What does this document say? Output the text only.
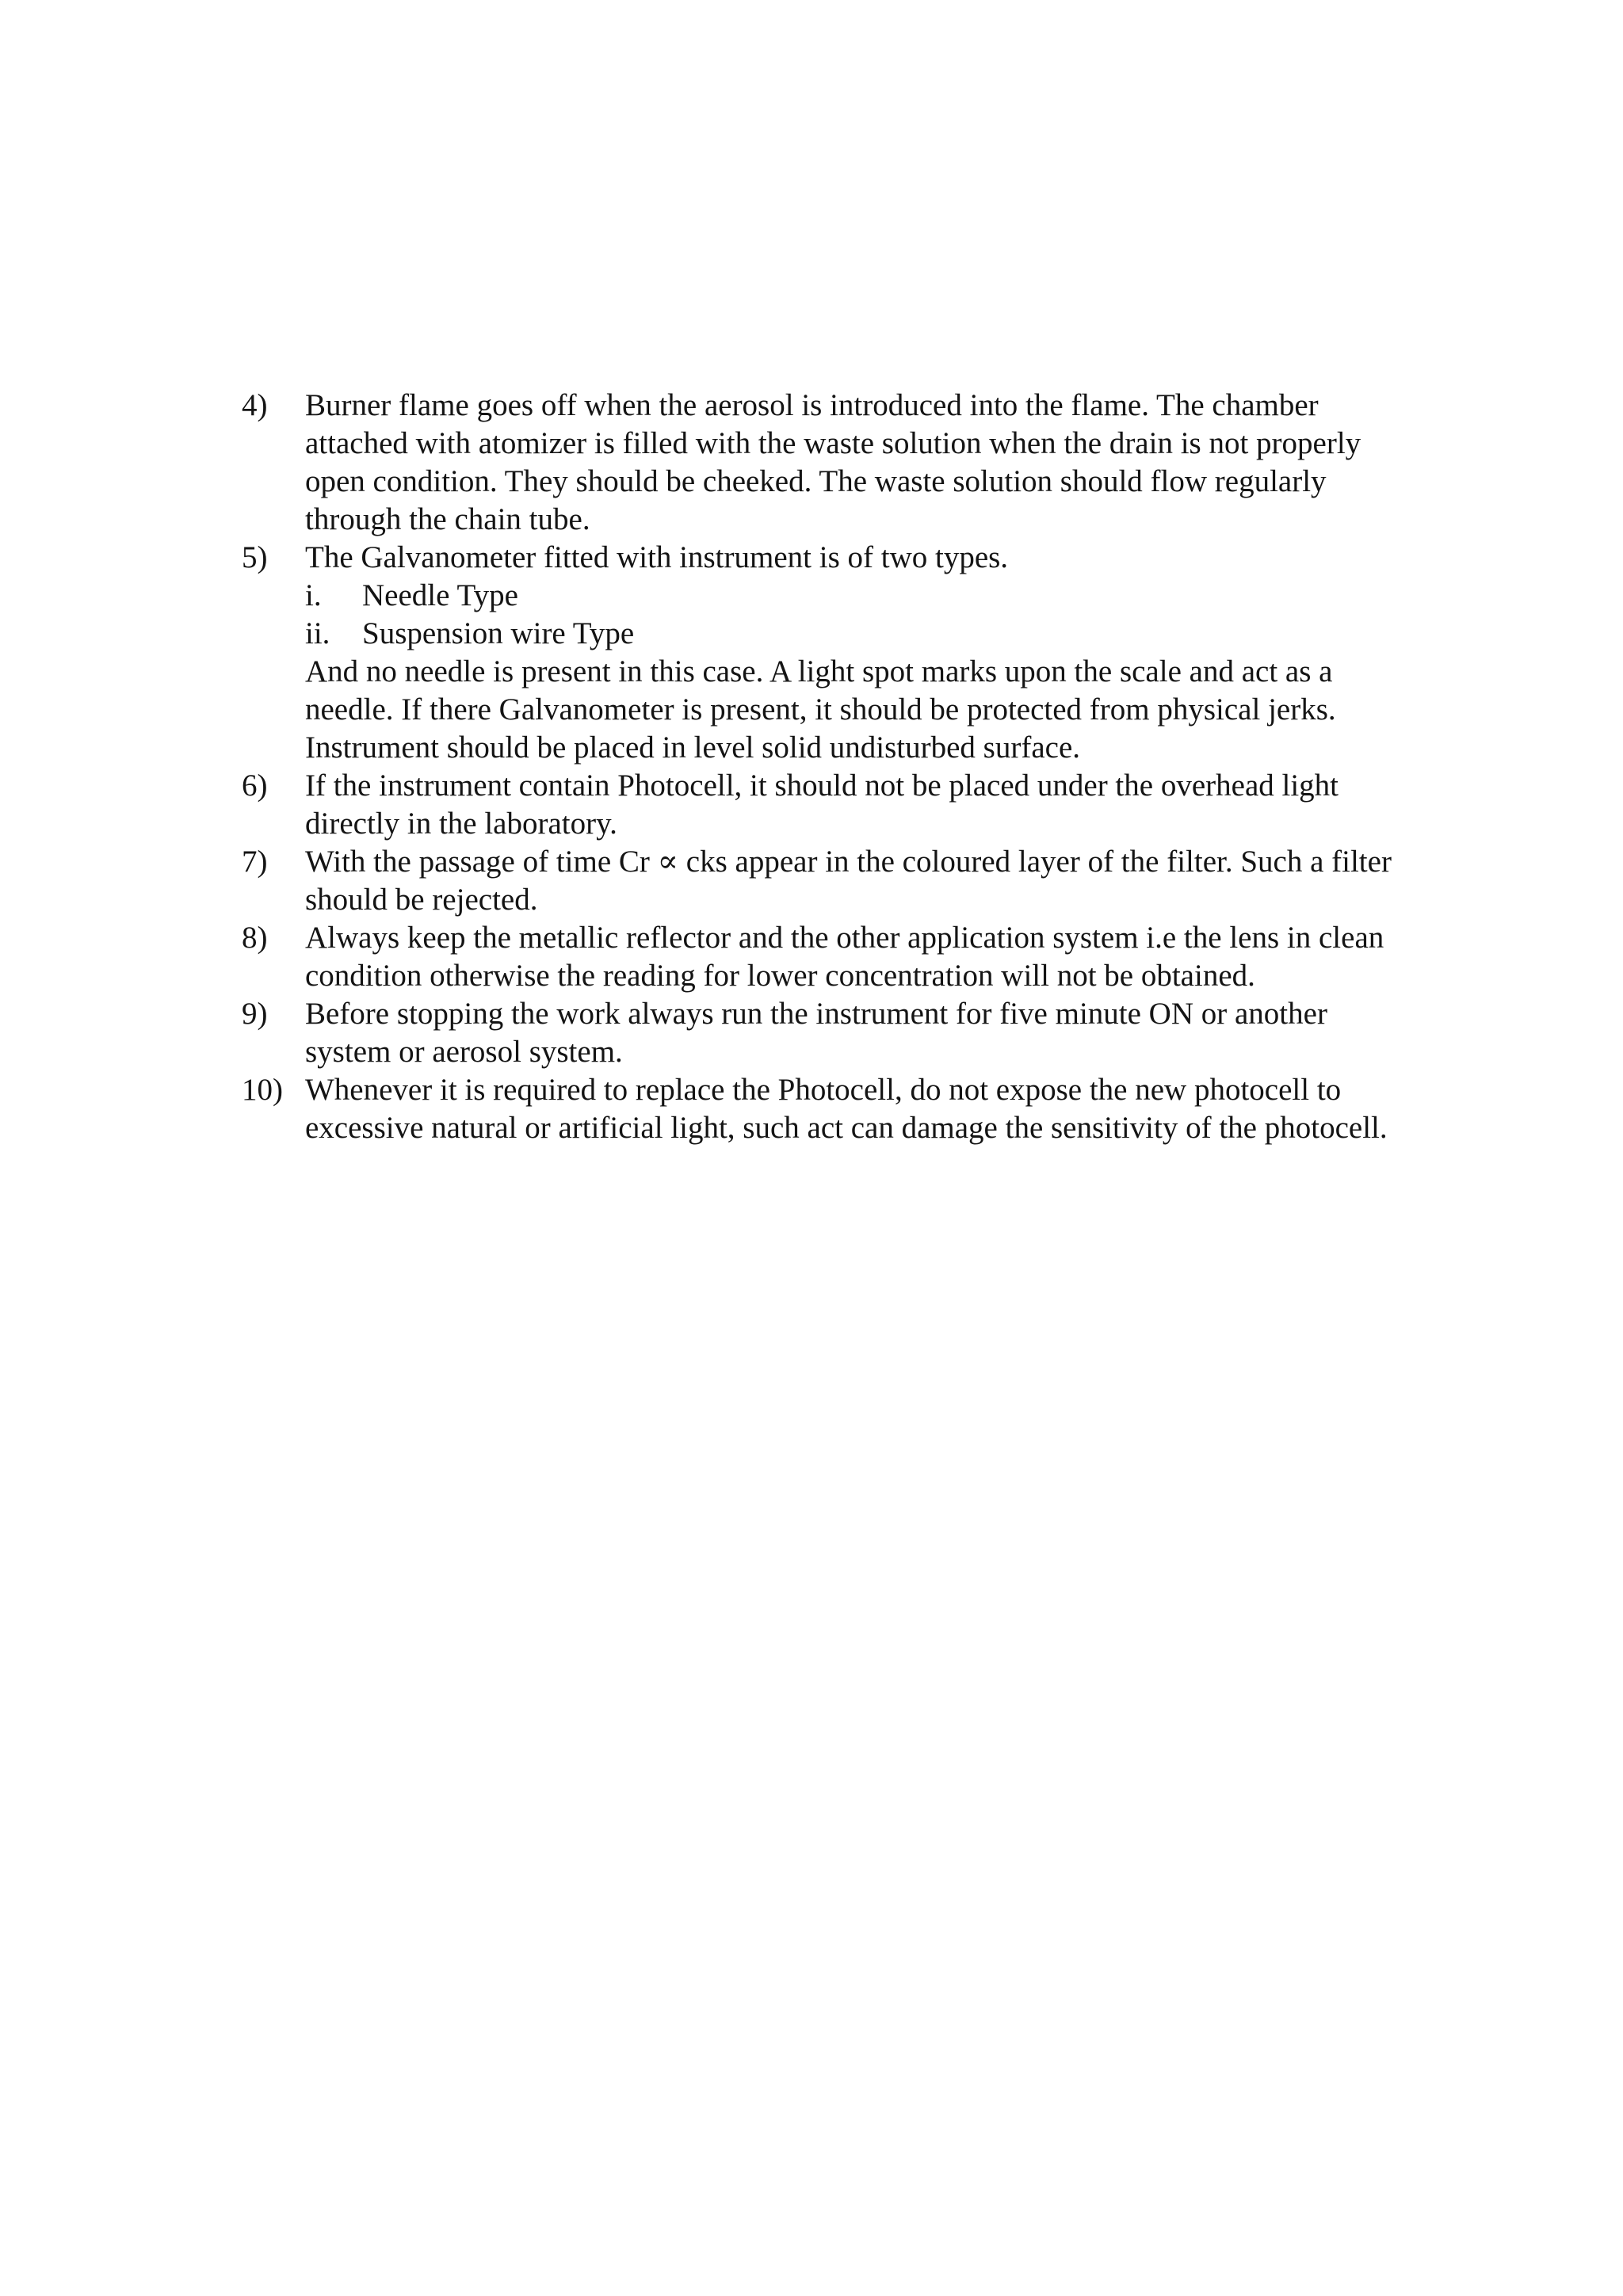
4)	Burner flame goes off when the aerosol is introduced into the flame. The chamber attached with atomizer is filled with the waste solution when the drain is not properly open condition. They should be cheeked. The waste solution should flow regularly through the chain tube.
5)	The Galvanometer fitted with instrument is of two types.
i.	Needle Type
ii.	Suspension wire Type
And no needle is present in this case. A light spot marks upon the scale and act as a needle. If there Galvanometer is present, it should be protected from physical jerks. Instrument should be placed in level solid undisturbed surface.
6)	If the instrument contain Photocell, it should not be placed under the overhead light directly in the laboratory.
7)	With the passage of time Cr ∝ cks appear in the coloured layer of the filter. Such a filter should be rejected.
8)	Always keep the metallic reflector and the other application system i.e the lens in clean condition otherwise the reading for lower concentration will not be obtained.
9)	Before stopping the work always run the instrument for five minute ON or another system or aerosol system.
10) Whenever it is required to replace the Photocell, do not expose the new photocell to excessive natural or artificial light, such act can damage the sensitivity of the photocell.
